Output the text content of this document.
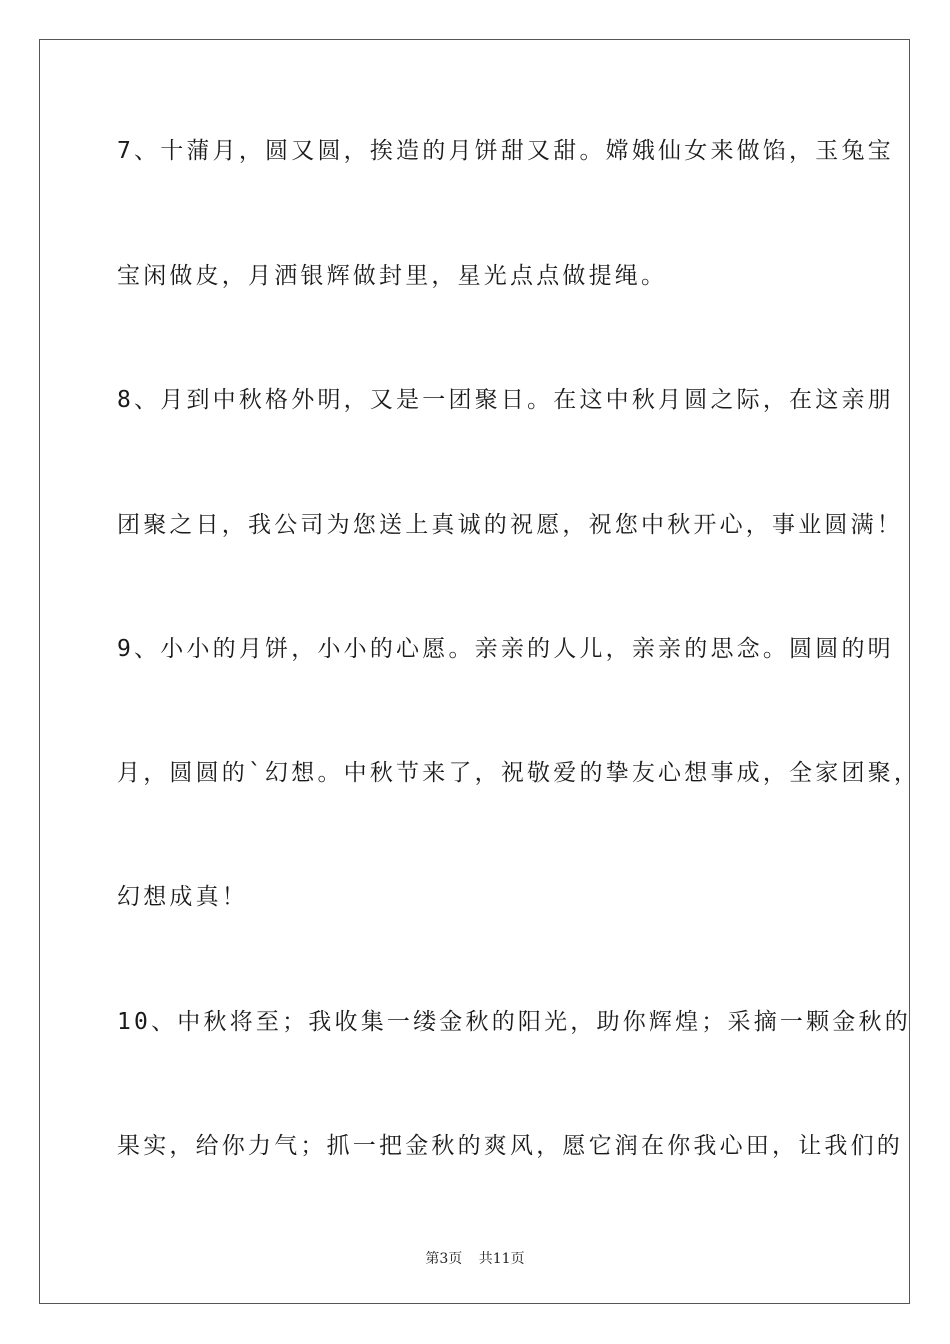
7、十蒲月，圆又圆，挨造的月饼甜又甜。嫦娥仙女来做馅，玉兔宝
宝闲做皮，月洒银辉做封里，星光点点做提绳。
8、月到中秋格外明，又是一团聚日。在这中秋月圆之际，在这亲朋
团聚之日，我公司为您送上真诚的祝愿，祝您中秋开心，事业圆满！
9、小小的月饼，小小的心愿。亲亲的人儿，亲亲的思念。圆圆的明
月，圆圆的`幻想。中秋节来了，祝敬爱的挚友心想事成，全家团聚，
幻想成真！
10、中秋将至；我收集一缕金秋的阳光，助你辉煌；采摘一颗金秋的
果实，给你力气；抓一把金秋的爽风，愿它润在你我心田，让我们的
第3页 共11页
